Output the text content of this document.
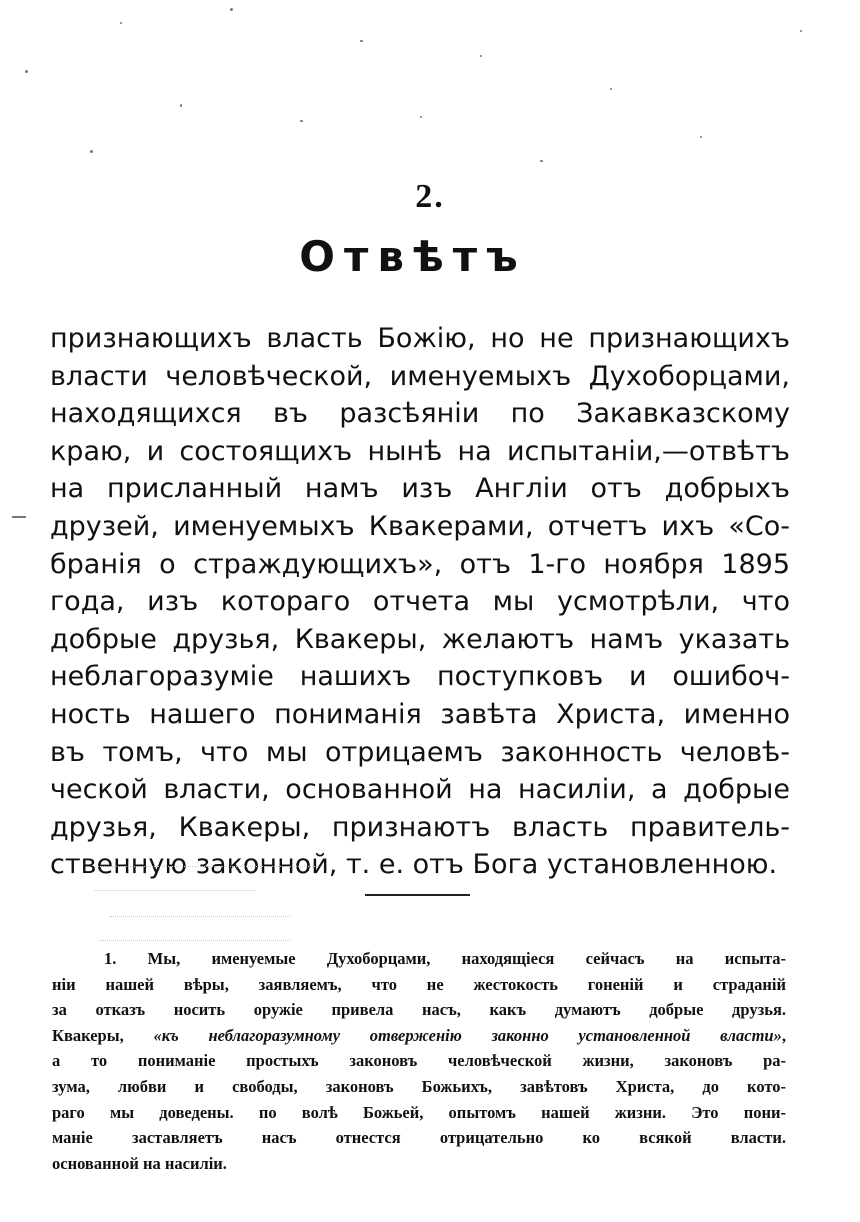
2.
Отвѣтъ
признающихъ власть Божiю, но не признающихъ
власти человѣческой, именуемыхъ Духоборцами,
находящихся въ разсѣянiи по Закавказскому
краю, и состоящихъ нынѣ на испытанiи,—отвѣтъ
на присланный намъ изъ Англiи отъ добрыхъ
друзей, именуемыхъ Квакерами, отчетъ ихъ «Со-
бранiя о страждующихъ», отъ 1-го ноября 1895
года, изъ котораго отчета мы усмотрѣли, что
добрые друзья, Квакеры, желаютъ намъ указать
неблагоразумiе нашихъ поступковъ и ошибоч-
ность нашего пониманiя завѣта Христа, именно
въ томъ, что мы отрицаемъ законность человѣ-
ческой власти, основанной на насилiи, а добрые
друзья, Квакеры, признаютъ власть правитель-
ственную законной, т. е. отъ Бога установленною.
1. Мы, именуемые Духоборцами, находящiеся сейчасъ на испыта-
нiи нашей вѣры, заявляемъ, что не жестокость гоненiй и страданiй
за отказъ носить оружiе привела насъ, какъ думаютъ добрые друзья.
Квакеры, «къ неблагоразумному отверженiю законно установленной власти»,
а то пониманiе простыхъ законовъ человѣческой жизни, законовъ ра-
зума, любви и свободы, законовъ Божьихъ, завѣтовъ Христа, до кото-
раго мы доведены. по волѣ Божьей, опытомъ нашей жизни. Это пони-
манiе заставляетъ насъ отнестся отрицательно ко всякой власти.
основанной на насилiи.
